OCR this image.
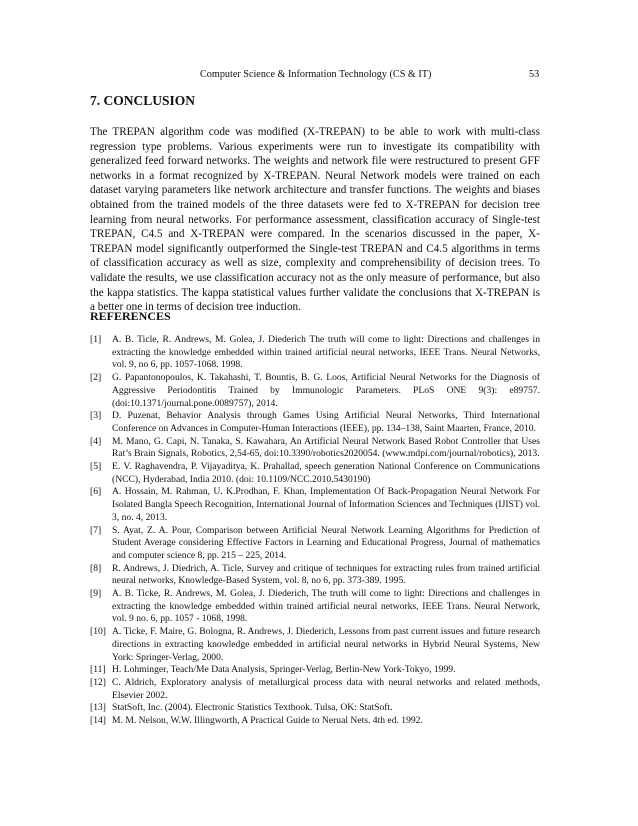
Computer Science & Information Technology (CS & IT)	53
7. CONCLUSION
The TREPAN algorithm code was modified (X-TREPAN) to be able to work with multi-class regression type problems. Various experiments were run to investigate its compatibility with generalized feed forward networks. The weights and network file were restructured to present GFF networks in a format recognized by X-TREPAN. Neural Network models were trained on each dataset varying parameters like network architecture and transfer functions. The weights and biases obtained from the trained models of the three datasets were fed to X-TREPAN for decision tree learning from neural networks. For performance assessment, classification accuracy of Single-test TREPAN, C4.5 and X-TREPAN were compared. In the scenarios discussed in the paper, X-TREPAN model significantly outperformed the Single-test TREPAN and C4.5 algorithms in terms of classification accuracy as well as size, complexity and comprehensibility of decision trees. To validate the results, we use classification accuracy not as the only measure of performance, but also the kappa statistics. The kappa statistical values further validate the conclusions that X-TREPAN is a better one in terms of decision tree induction.
REFERENCES
[1]	A. B. Ticle, R. Andrews, M. Golea, J. Diederich The truth will come to light: Directions and challenges in extracting the knowledge embedded within trained artificial neural networks, IEEE Trans. Neural Networks, vol. 9, no 6, pp. 1057-1068. 1998.
[2]	G. Papantonopoulos, K. Takahashi, T. Bountis, B. G. Loos, Artificial Neural Networks for the Diagnosis of Aggressive Periodontitis Trained by Immunologic Parameters. PLoS ONE 9(3): e89757. (doi:10.1371/journal.pone.0089757), 2014.
[3]	D. Puzenat, Behavior Analysis through Games Using Artificial Neural Networks, Third International Conference on Advances in Computer-Human Interactions (IEEE), pp. 134–138, Saint Maarten, France, 2010.
[4]	M. Mano, G. Capi, N. Tanaka, S. Kawahara, An Artificial Neural Network Based Robot Controller that Uses Rat’s Brain Signals, Robotics, 2,54-65, doi:10.3390/robotics2020054. (www.mdpi.com/journal/robotics), 2013.
[5]	E. V. Raghavendra, P. Vijayaditya, K. Prahallad, speech generation National Conference on Communications (NCC), Hyderabad, India 2010. (doi: 10.1109/NCC.2010.5430190)
[6]	A. Hossain, M. Rahman, U. K.Prodhan, F. Khan, Implementation Of Back-Propagation Neural Network For Isolated Bangla Speech Recognition, International Journal of Information Sciences and Techniques (IJIST) vol. 3, no. 4, 2013.
[7]	S. Ayat, Z. A. Pour, Comparison between Artificial Neural Network Learning Algorithms for Prediction of Student Average considering Effective Factors in Learning and Educational Progress, Journal of mathematics and computer science 8, pp. 215 – 225, 2014.
[8]	R. Andrews, J. Diedrich, A. Ticle, Survey and critique of techniques for extracting rules from trained artificial neural networks, Knowledge-Based System, vol. 8, no 6, pp. 373-389. 1995.
[9]	A. B. Ticke, R. Andrews, M. Golea, J. Diederich, The truth will come to light: Directions and challenges in extracting the knowledge embedded within trained artificial neural networks, IEEE Trans. Neural Network, vol. 9 no. 6, pp. 1057 - 1068, 1998.
[10] A. Ticke, F. Maire, G. Bologna, R. Andrews, J. Diederich, Lessons from past current issues and future research directions in extracting knowledge embedded in artificial neural networks in Hybrid Neural Systems, New York: Springer-Verlag, 2000.
[11] H. Lohminger, Teach/Me Data Analysis, Springer-Verlag, Berlin-New York-Tokyo, 1999.
[12] C. Aldrich, Exploratory analysis of metallurgical process data with neural networks and related methods, Elsevier 2002.
[13] StatSoft, Inc. (2004). Electronic Statistics Textbook. Tulsa, OK: StatSoft.
[14] M. M. Nelson, W.W. Illingworth, A Practical Guide to Nerual Nets. 4th ed. 1992.
